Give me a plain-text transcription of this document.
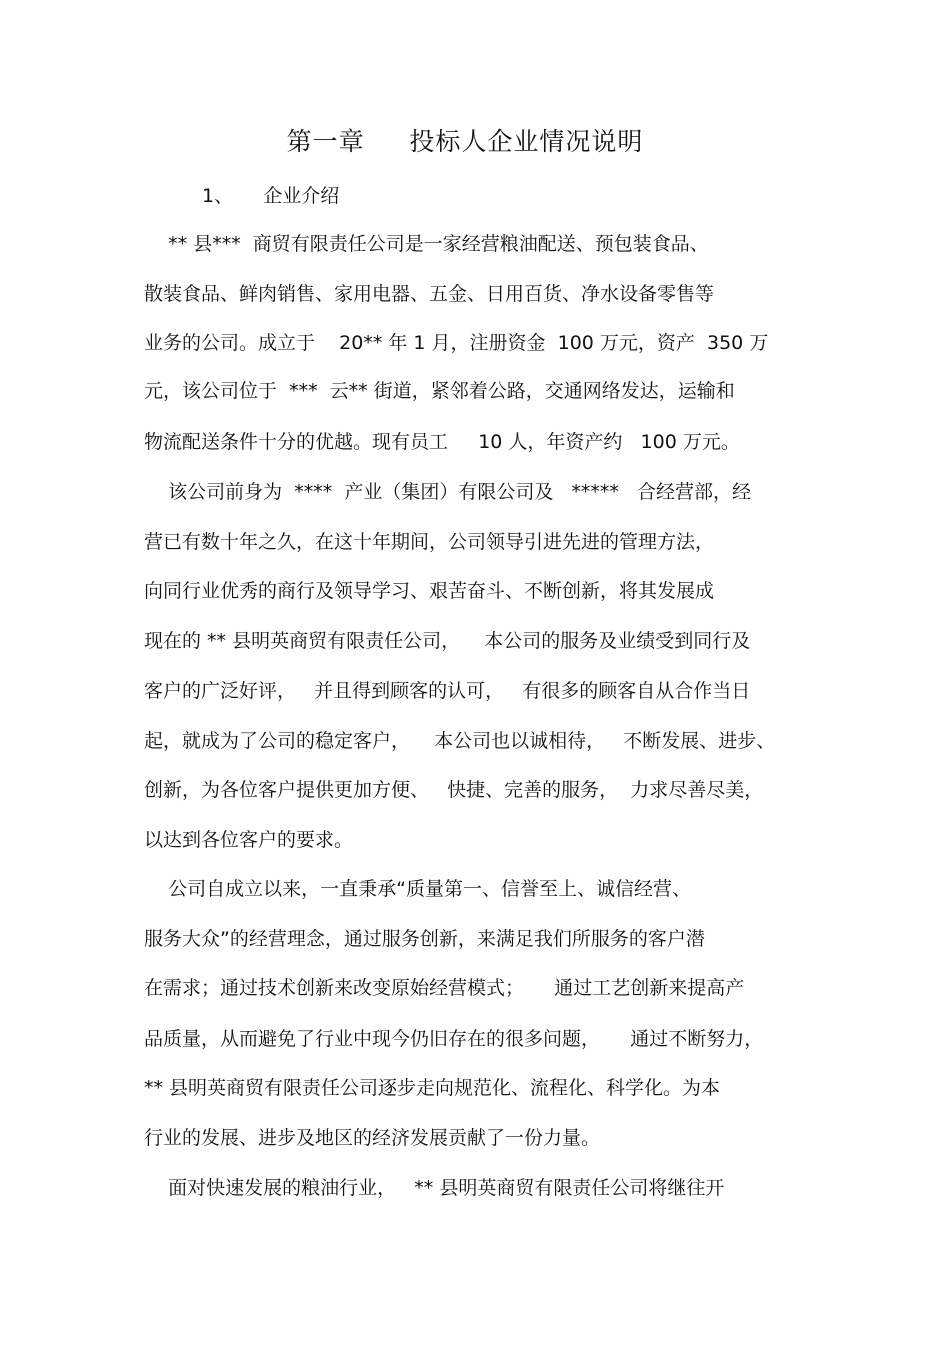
第一章     投标人企业情况说明
1、     企业介绍
** 县***  商贸有限责任公司是一家经营粮油配送、预包装食品、
散装食品、鲜肉销售、家用电器、五金、日用百货、净水设备零售等
业务的公司。成立于    20** 年 1 月，注册资金  100 万元，资产  350 万
元，该公司位于  ***  云** 街道，紧邻着公路，交通网络发达，运输和
物流配送条件十分的优越。现有员工     10 人，年资产约   100 万元。
该公司前身为  ****  产业（集团）有限公司及   *****   合经营部，经
营已有数十年之久，在这十年期间，公司领导引进先进的管理方法，
向同行业优秀的商行及领导学习、艰苦奋斗、不断创新，将其发展成
现在的 ** 县明英商贸有限责任公司，    本公司的服务及业绩受到同行及
客户的广泛好评，   并且得到顾客的认可，   有很多的顾客自从合作当日
起，就成为了公司的稳定客户，    本公司也以诚相待，   不断发展、进步、
创新，为各位客户提供更加方便、   快捷、完善的服务，  力求尽善尽美，
以达到各位客户的要求。
公司自成立以来，一直秉承“质量第一、信誉至上、诚信经营、
服务大众”的经营理念，通过服务创新，来满足我们所服务的客户潜
在需求；通过技术创新来改变原始经营模式；     通过工艺创新来提高产
品质量，从而避免了行业中现今仍旧存在的很多问题，     通过不断努力，
** 县明英商贸有限责任公司逐步走向规范化、流程化、科学化。为本
行业的发展、进步及地区的经济发展贡献了一份力量。
面对快速发展的粮油行业，   ** 县明英商贸有限责任公司将继往开
